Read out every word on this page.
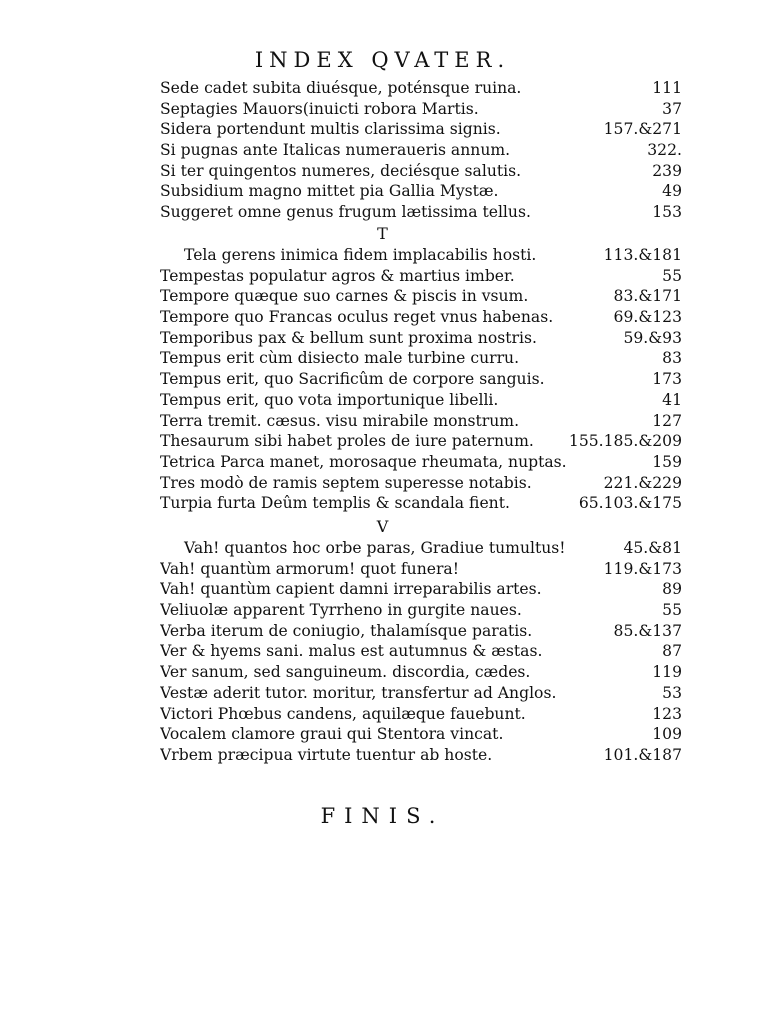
INDEX QVATER.
Sede cadet subita diuésque, poténsque ruina.	111
Septagies Mauors(inuicti robora Martis.	37
Sidera portendunt multis clarissima signis.	157.&271
Si pugnas ante Italicas numeraueris annum.	322.
Si ter quingentos numeres, deciésque salutis.	239
Subsidium magno mittet pia Gallia Mystæ.	49
Suggeret omne genus frugum lætissima tellus.	153
T
Tela gerens inimica fidem implacabilis hosti.	113.&181
Tempestas populatur agros & martius imber.	55
Tempore quæque suo carnes & piscis in vsum.	83.&171
Tempore quo Francas oculus reget vnus habenas.	69.&123
Temporibus pax & bellum sunt proxima nostris.	59.&93
Tempus erit cùm disiecto male turbine curru.	83
Tempus erit, quo Sacrificûm de corpore sanguis.	173
Tempus erit, quo vota importunique libelli.	41
Terra tremit. cæsus. visu mirabile monstrum.	127
Thesaurum sibi habet proles de iure paternum.	155.185.&209
Tetrica Parca manet, morosaque rheumata, nuptas.	159
Tres modò de ramis septem superesse notabis.	221.&229
Turpia furta Deûm templis & scandala fient.	65.103.&175
V
Vah! quantos hoc orbe paras, Gradiue tumultus!	45.&81
Vah! quantùm armorum! quot funera!	119.&173
Vah! quantùm capient damni irreparabilis artes.	89
Veliuolæ apparent Tyrrheno in gurgite naues.	55
Verba iterum de coniugio, thalamísque paratis.	85.&137
Ver & hyems sani. malus est autumnus & æstas.	87
Ver sanum, sed sanguineum. discordia, cædes.	119
Vestæ aderit tutor. moritur, transfertur ad Anglos.	53
Victori Phœbus candens, aquilæque fauebunt.	123
Vocalem clamore graui qui Stentora vincat.	109
Vrbem præcipua virtute tuentur ab hoste.	101.&187
FINIS.
